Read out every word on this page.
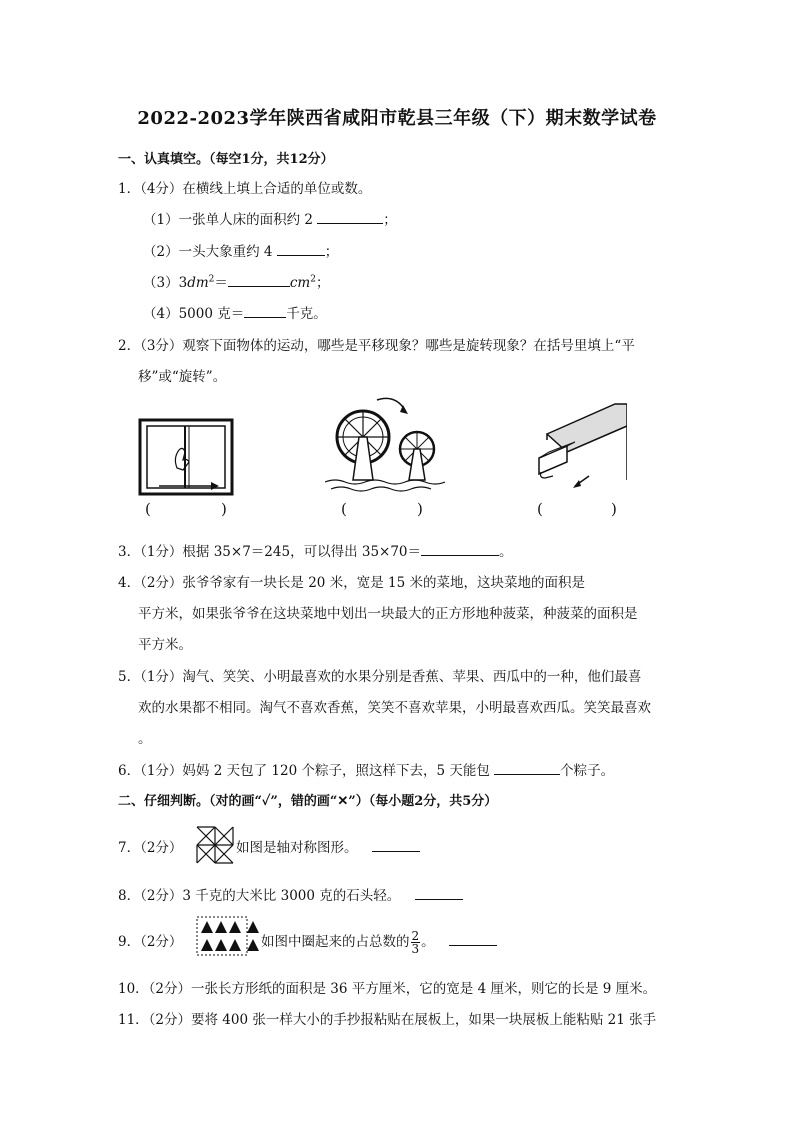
2022-2023学年陕西省咸阳市乾县三年级（下）期末数学试卷
一、认真填空。（每空1分，共12分）
1．（4分）在横线上填上合适的单位或数。
（1）一张单人床的面积约 2	；
（2）一头大象重约 4	；
$(3)3dm^2=$	$cm^2$；
（4）5000 克＝	千克。
2．（3分）观察下面物体的运动，哪些是平移现象？哪些是旋转现象？在括号里填上“平
移”或“旋转”。
(	)	(	)	(	)
3．（1分）根据 35×7＝245，可以得出 35×70＝	。
4．（2分）张爷爷家有一块长是 20 米，宽是 15 米的菜地，这块菜地的面积是
平方米，如果张爷爷在这块菜地中划出一块最大的正方形地种菠菜，种菠菜的面积是
平方米。
5．（1分）淘气、笑笑、小明最喜欢的水果分别是香蕉、苹果、西瓜中的一种，他们最喜
欢的水果都不相同。淘气不喜欢香蕉，笑笑不喜欢苹果，小明最喜欢西瓜。笑笑最喜欢
。
6．（1分）妈妈 2 天包了 120 个粽子，照这样下去，5 天能包	个粽子。
二、仔细判断。（对的画“✓”，错的画“✕”）（每小题2分，共5分）
7．（2分）	如图是轴对称图形。
8．（2分）3 千克的大米比 3000 克的石头轻。
9．（2分）	如图中圈起来的占总数的 $\frac{2}{3}$ 。
10．（2分）一张长方形纸的面积是 36 平方厘米，它的宽是 4 厘米，则它的长是 9 厘米。
11．（2分）要将 400 张一样大小的手抄报粘贴在展板上，如果一块展板上能粘贴 21 张手
